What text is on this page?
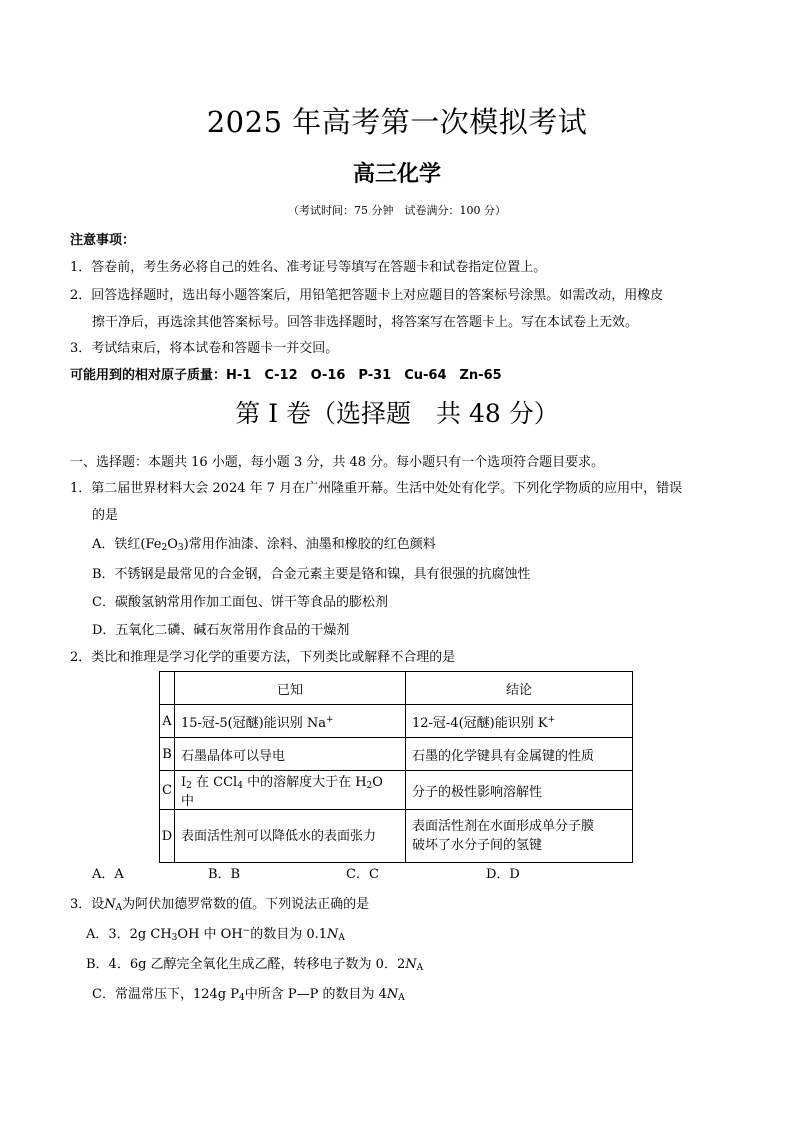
2025 年高考第一次模拟考试
高三化学
（考试时间：75 分钟　试卷满分：100 分）
注意事项：
1．答卷前，考生务必将自己的姓名、准考证号等填写在答题卡和试卷指定位置上。
2．回答选择题时，选出每小题答案后，用铅笔把答题卡上对应题目的答案标号涂黑。如需改动，用橡皮
擦干净后，再选涂其他答案标号。回答非选择题时，将答案写在答题卡上。写在本试卷上无效。
3．考试结束后，将本试卷和答题卡一并交回。
可能用到的相对原子质量：H-1　C-12　O-16　P-31　Cu-64　Zn-65
第 I 卷（选择题　共 48 分）
一、选择题：本题共 16 小题，每小题 3 分，共 48 分。每小题只有一个选项符合题目要求。
1．第二届世界材料大会 2024 年 7 月在广州隆重开幕。生活中处处有化学。下列化学物质的应用中，错误
的是
A．铁红$(Fe_2O_3)$常用作油漆、涂料、油墨和橡胶的红色颜料
B．不锈钢是最常见的合金钢，合金元素主要是铬和镍，具有很强的抗腐蚀性
C．碳酸氢钠常用作加工面包、饼干等食品的膨松剂
D．五氧化二磷、碱石灰常用作食品的干燥剂
2．类比和推理是学习化学的重要方法，下列类比或解释不合理的是
	已知	结论
A	15-冠-5(冠醚)能识别 Na+	12-冠-4(冠醚)能识别 K+
B	石墨晶体可以导电	石墨的化学键具有金属键的性质
C	$I_2$ 在 CCl$_4$ 中的溶解度大于在 $H_2O$ 中	分子的极性影响溶解性
D	表面活性剂可以降低水的表面张力	表面活性剂在水面形成单分子膜
破坏了水分子间的氢键
A．A	B．B	C．C	D．D
3．设$N_A$为阿伏加德罗常数的值。下列说法正确的是
A．3．2g $CH_3OH$ 中 OH−的数目为 $0.1N_A$
B．4．6g 乙醇完全氧化生成乙醛，转移电子数为 0．$2N_A$
C．常温常压下，124g $P_4$中所含 P—P 的数目为 $4N_A$
